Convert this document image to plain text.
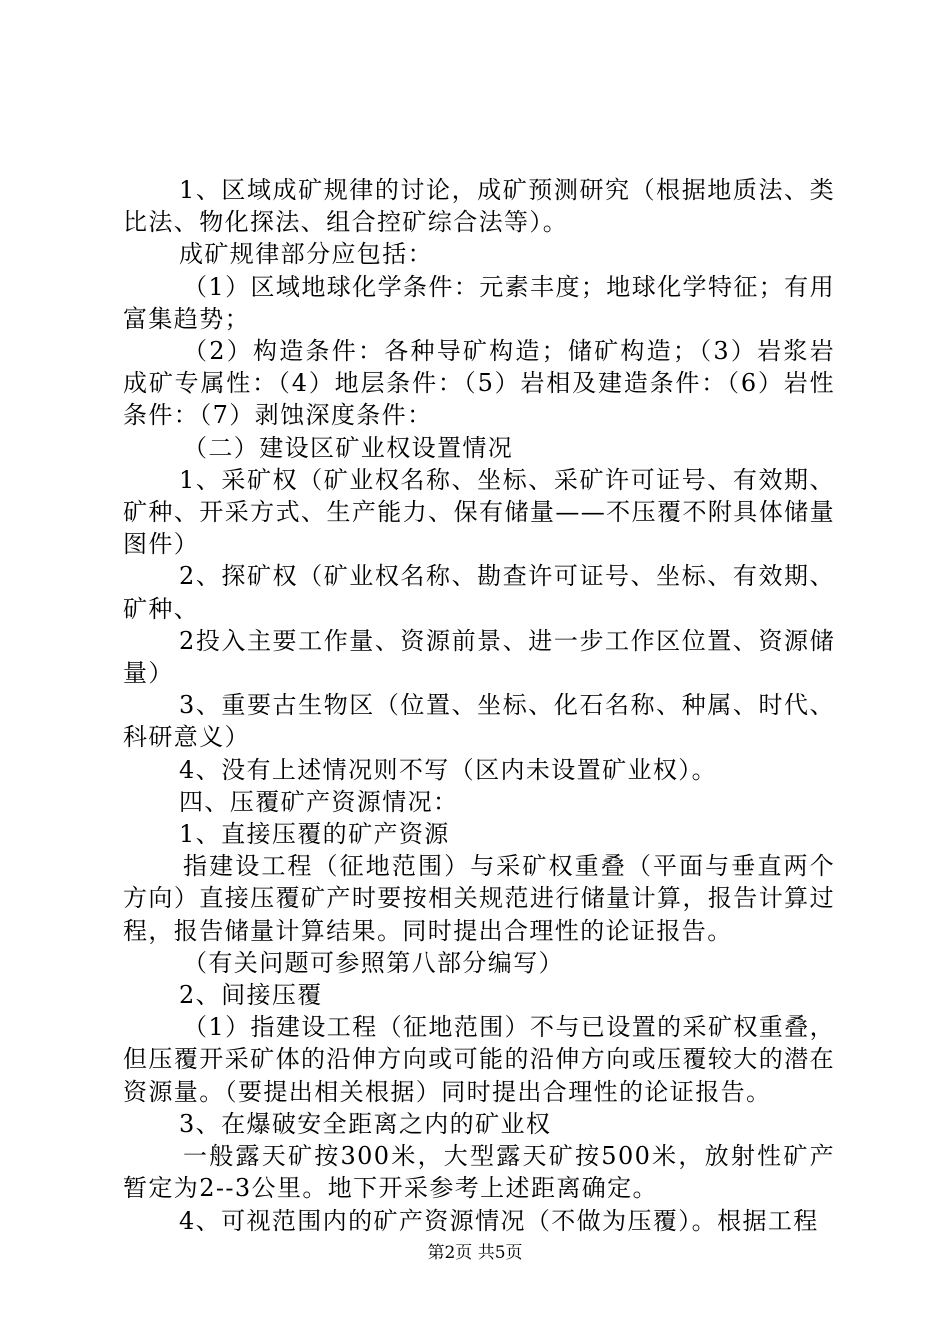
1、区域成矿规律的讨论，成矿预测研究（根据地质法、类比法、物化探法、组合控矿综合法等）。

成矿规律部分应包括：

（1）区域地球化学条件：元素丰度；地球化学特征；有用富集趋势；

（2）构造条件：各种导矿构造；储矿构造；（3）岩浆岩成矿专属性：（4）地层条件：（5）岩相及建造条件：（6）岩性条件：（7）剥蚀深度条件：

（二）建设区矿业权设置情况

1、采矿权（矿业权名称、坐标、采矿许可证号、有效期、矿种、开采方式、生产能力、保有储量——不压覆不附具体储量图件）

2、探矿权（矿业权名称、勘查许可证号、坐标、有效期、矿种、

2投入主要工作量、资源前景、进一步工作区位置、资源储量）

3、重要古生物区（位置、坐标、化石名称、种属、时代、科研意义）

4、没有上述情况则不写（区内未设置矿业权）。

四、压覆矿产资源情况：

1、直接压覆的矿产资源

指建设工程（征地范围）与采矿权重叠（平面与垂直两个方向）直接压覆矿产时要按相关规范进行储量计算，报告计算过程，报告储量计算结果。同时提出合理性的论证报告。

（有关问题可参照第八部分编写）

2、间接压覆

（1）指建设工程（征地范围）不与已设置的采矿权重叠，但压覆开采矿体的沿伸方向或可能的沿伸方向或压覆较大的潜在资源量。（要提出相关根据）同时提出合理性的论证报告。

3、在爆破安全距离之内的矿业权

一般露天矿按300米，大型露天矿按500米，放射性矿产暂定为2--3公里。地下开采参考上述距离确定。

4、可视范围内的矿产资源情况（不做为压覆）。根据工程

第2页 共5页
